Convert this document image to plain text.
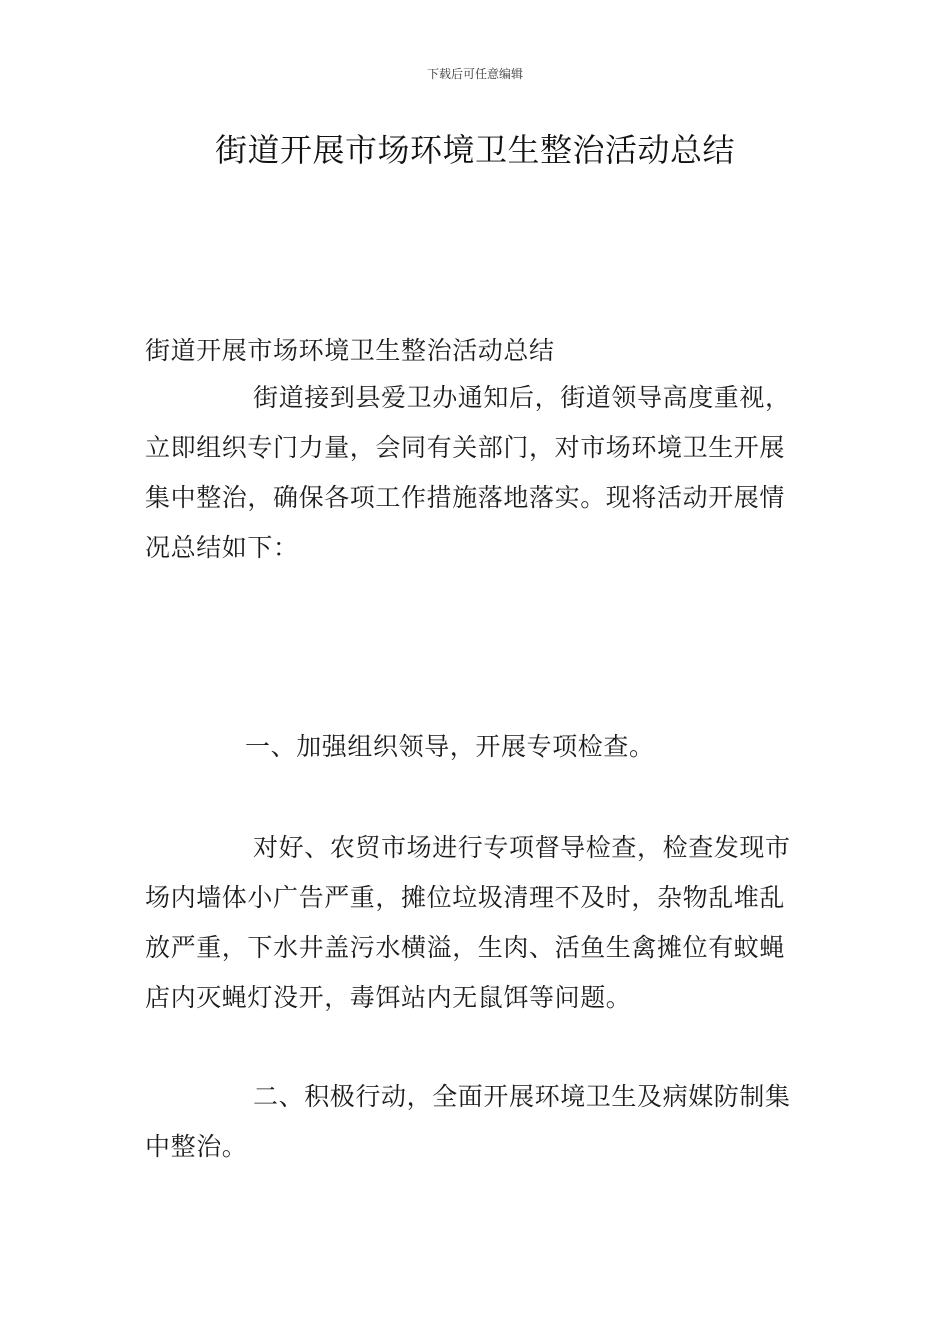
下载后可任意编辑
街道开展市场环境卫生整治活动总结

街道开展市场环境卫生整治活动总结

街道接到县爱卫办通知后，街道领导高度重视，立即组织专门力量，会同有关部门，对市场环境卫生开展集中整治，确保各项工作措施落地落实。现将活动开展情况总结如下：

一、加强组织领导，开展专项检查。

对好、农贸市场进行专项督导检查，检查发现市场内墙体小广告严重，摊位垃圾清理不及时，杂物乱堆乱放严重，下水井盖污水横溢，生肉、活鱼生禽摊位有蚊蝇店内灭蝇灯没开，毒饵站内无鼠饵等问题。

二、积极行动，全面开展环境卫生及病媒防制集中整治。
